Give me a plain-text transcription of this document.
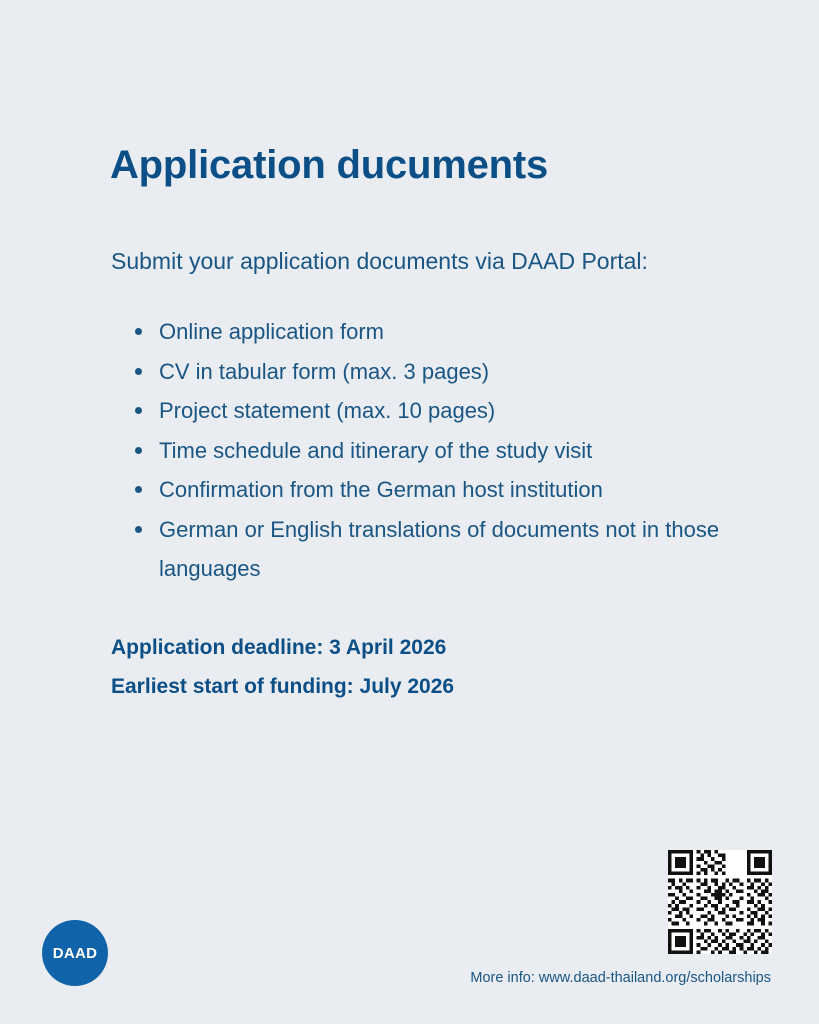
Application ducuments
Submit your application documents via DAAD Portal:
Online application form
CV in tabular form (max. 3 pages)
Project statement (max. 10 pages)
Time schedule and itinerary of the study visit
Confirmation from the German host institution
German or English translations of documents not in those languages
Application deadline: 3 April 2026
Earliest start of funding: July 2026
DAAD
More info: www.daad-thailand.org/scholarships
